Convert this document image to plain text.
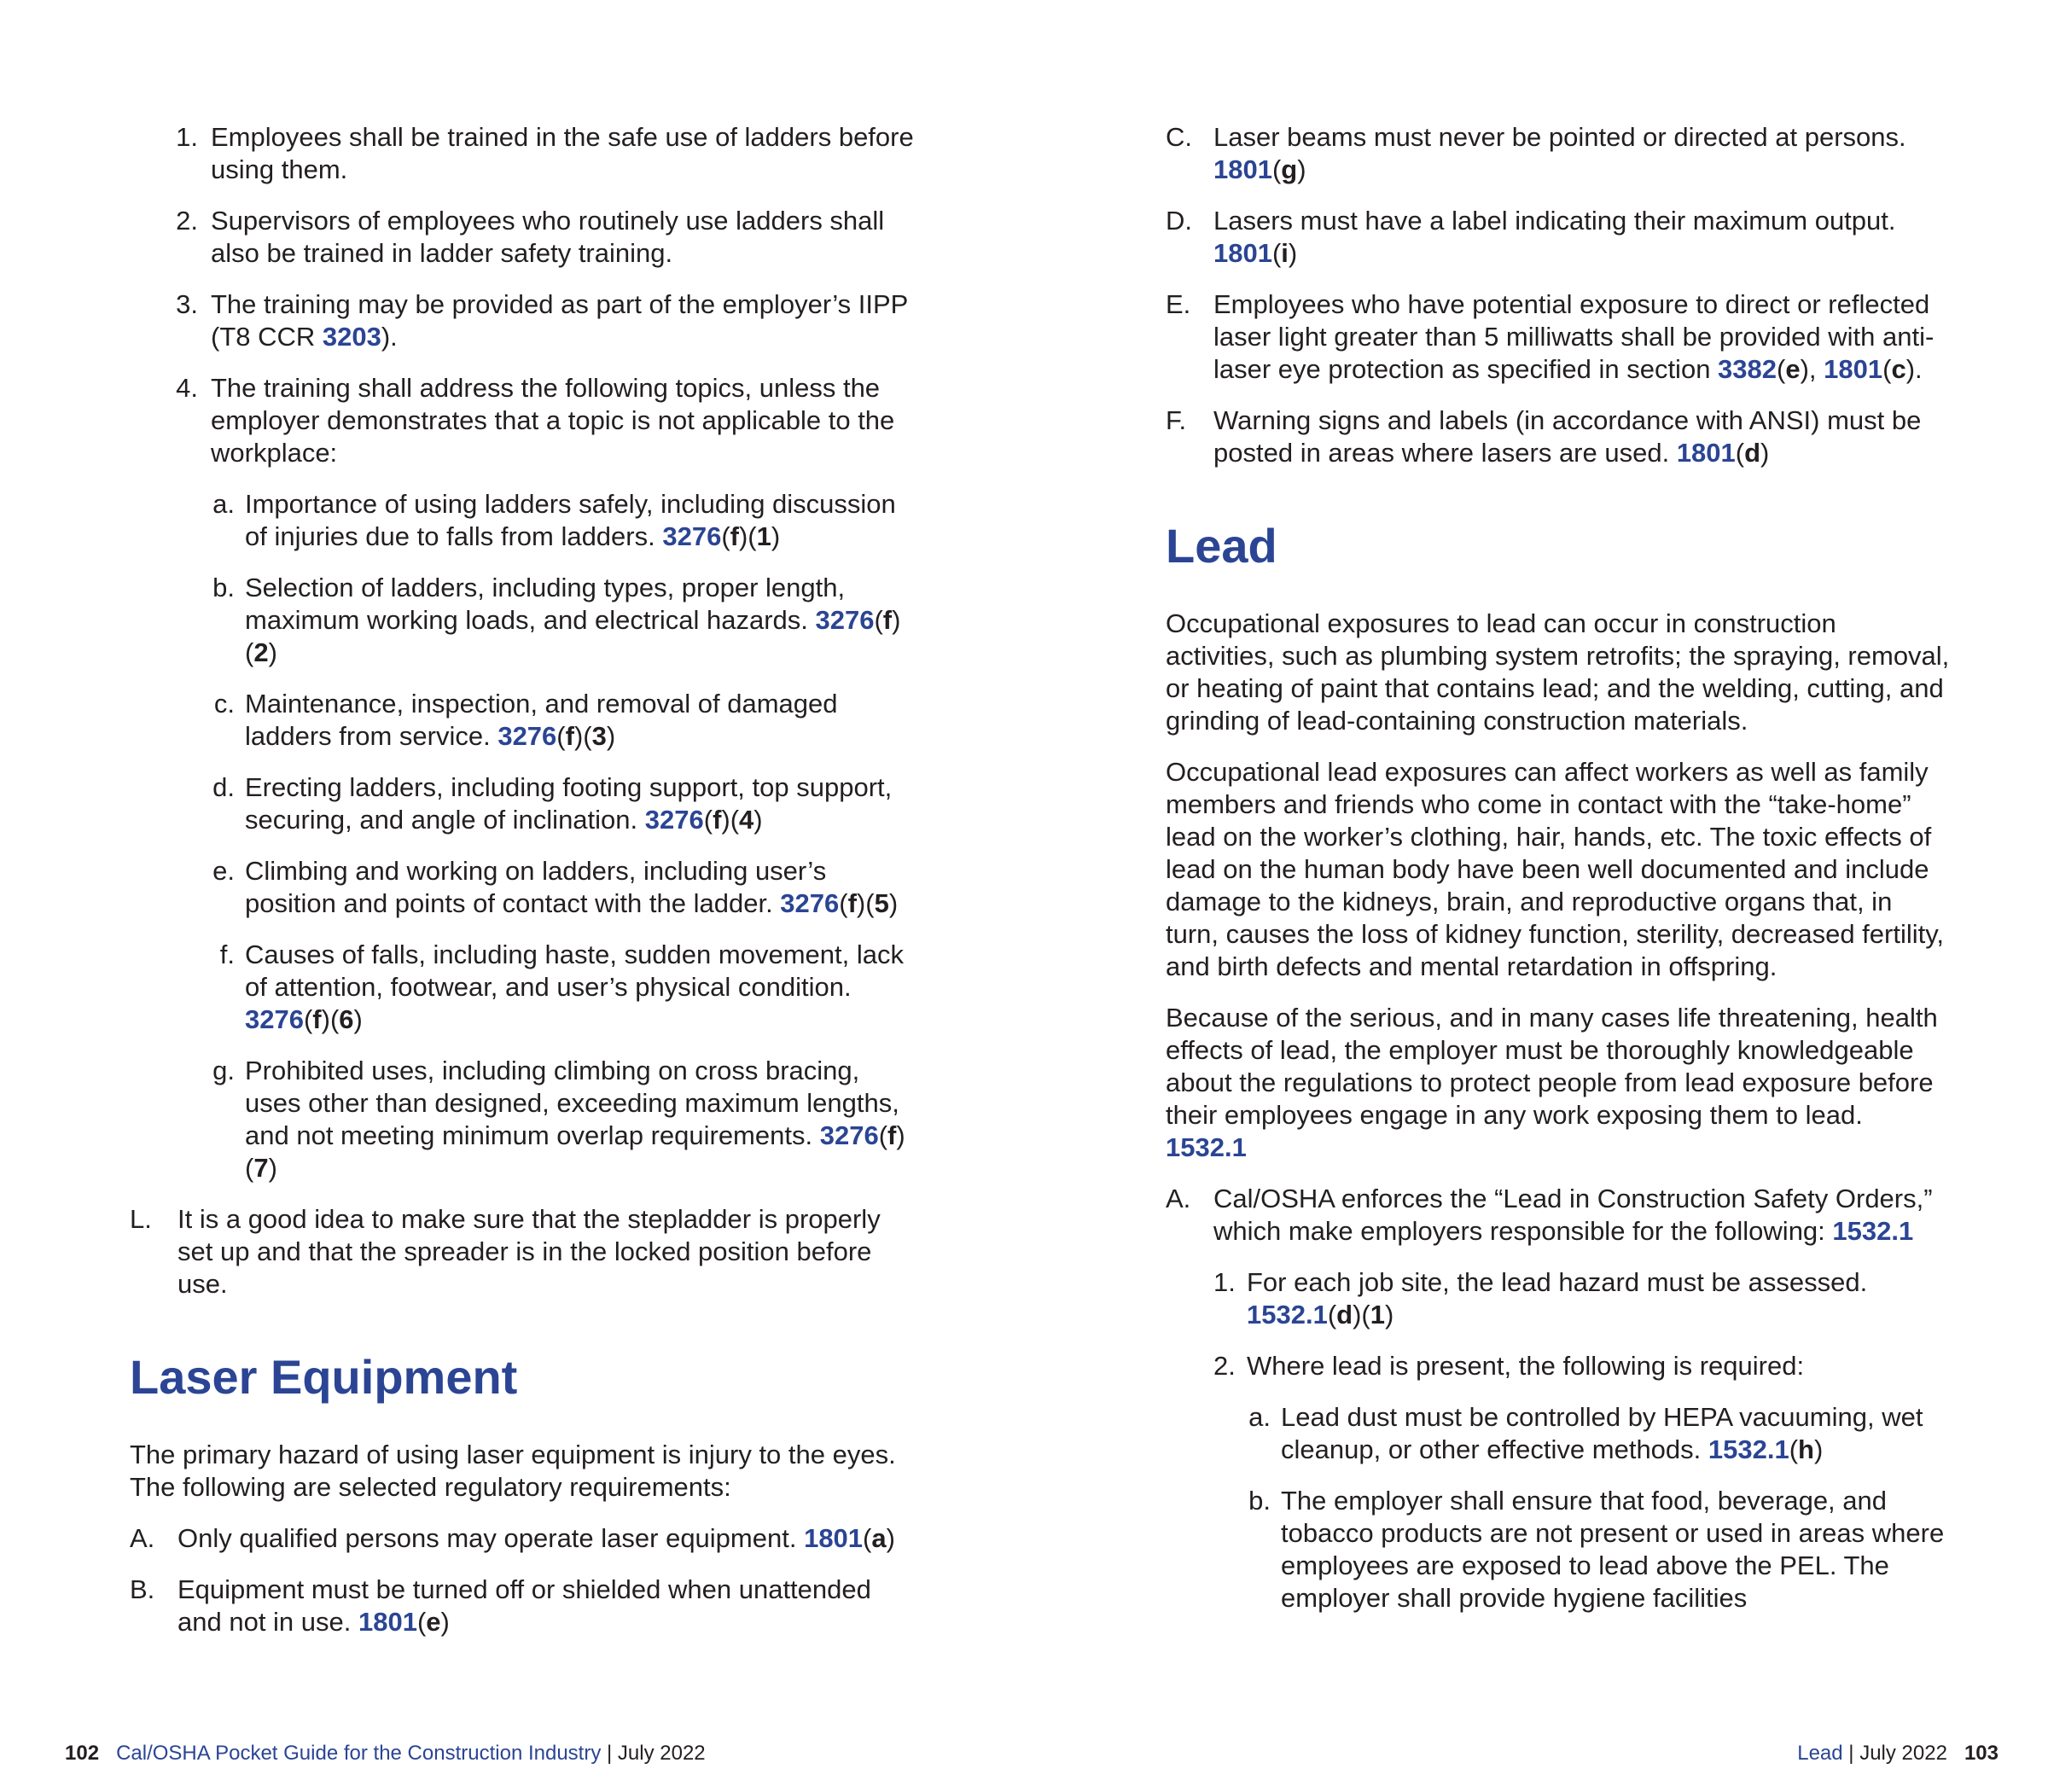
1. Employees shall be trained in the safe use of ladders before using them.
2. Supervisors of employees who routinely use ladders shall also be trained in ladder safety training.
3. The training may be provided as part of the employer’s IIPP (T8 CCR 3203).
4. The training shall address the following topics, unless the employer demonstrates that a topic is not applicable to the workplace:
a. Importance of using ladders safely, including discussion of injuries due to falls from ladders. 3276(f)(1)
b. Selection of ladders, including types, proper length, maximum working loads, and electrical hazards. 3276(f)(2)
c. Maintenance, inspection, and removal of damaged ladders from service. 3276(f)(3)
d. Erecting ladders, including footing support, top support, securing, and angle of inclination. 3276(f)(4)
e. Climbing and working on ladders, including user’s position and points of contact with the ladder. 3276(f)(5)
f. Causes of falls, including haste, sudden movement, lack of attention, footwear, and user’s physical condition. 3276(f)(6)
g. Prohibited uses, including climbing on cross bracing, uses other than designed, exceeding maximum lengths, and not meeting minimum overlap requirements. 3276(f)(7)
L. It is a good idea to make sure that the stepladder is properly set up and that the spreader is in the locked position before use.
Laser Equipment

The primary hazard of using laser equipment is injury to the eyes. The following are selected regulatory requirements:

A. Only qualified persons may operate laser equipment. 1801(a)
B. Equipment must be turned off or shielded when unattended and not in use. 1801(e)
C. Laser beams must never be pointed or directed at persons. 1801(g)
D. Lasers must have a label indicating their maximum output. 1801(i)
E. Employees who have potential exposure to direct or reflected laser light greater than 5 milliwatts shall be provided with anti-laser eye protection as specified in section 3382(e), 1801(c).
F.	Warning signs and labels (in accordance with ANSI) must be posted in areas where lasers are used. 1801(d)
Lead

Occupational exposures to lead can occur in construction activities, such as plumbing system retrofits; the spraying, removal, or heating of paint that contains lead; and the welding, cutting, and grinding of lead-containing construction materials.

Occupational lead exposures can affect workers as well as family members and friends who come in contact with the “take-home” lead on the worker’s clothing, hair, hands, etc. The toxic effects of lead on the human body have been well documented and include damage to the kidneys, brain, and reproductive organs that, in turn, causes the loss of kidney function, sterility, decreased fertility, and birth defects and mental retardation in offspring.

Because of the serious, and in many cases life threatening, health effects of lead, the employer must be thoroughly knowledgeable about the regulations to protect people from lead exposure before their employees engage in any work exposing them to lead. 1532.1

A. Cal/OSHA enforces the “Lead in Construction Safety Orders,” which make employers responsible for the following: 1532.1
1. For each job site, the lead hazard must be assessed. 1532.1(d)(1)
2. Where lead is present, the following is required:
a. Lead dust must be controlled by HEPA vacuuming, wet cleanup, or other effective methods. 1532.1(h)
b. The employer shall ensure that food, beverage, and tobacco products are not present or used in areas where employees are exposed to lead above the PEL. The employer shall provide hygiene facilities
102 Cal/OSHA Pocket Guide for the Construction Industry | July 2022	Lead | July 2022 103
